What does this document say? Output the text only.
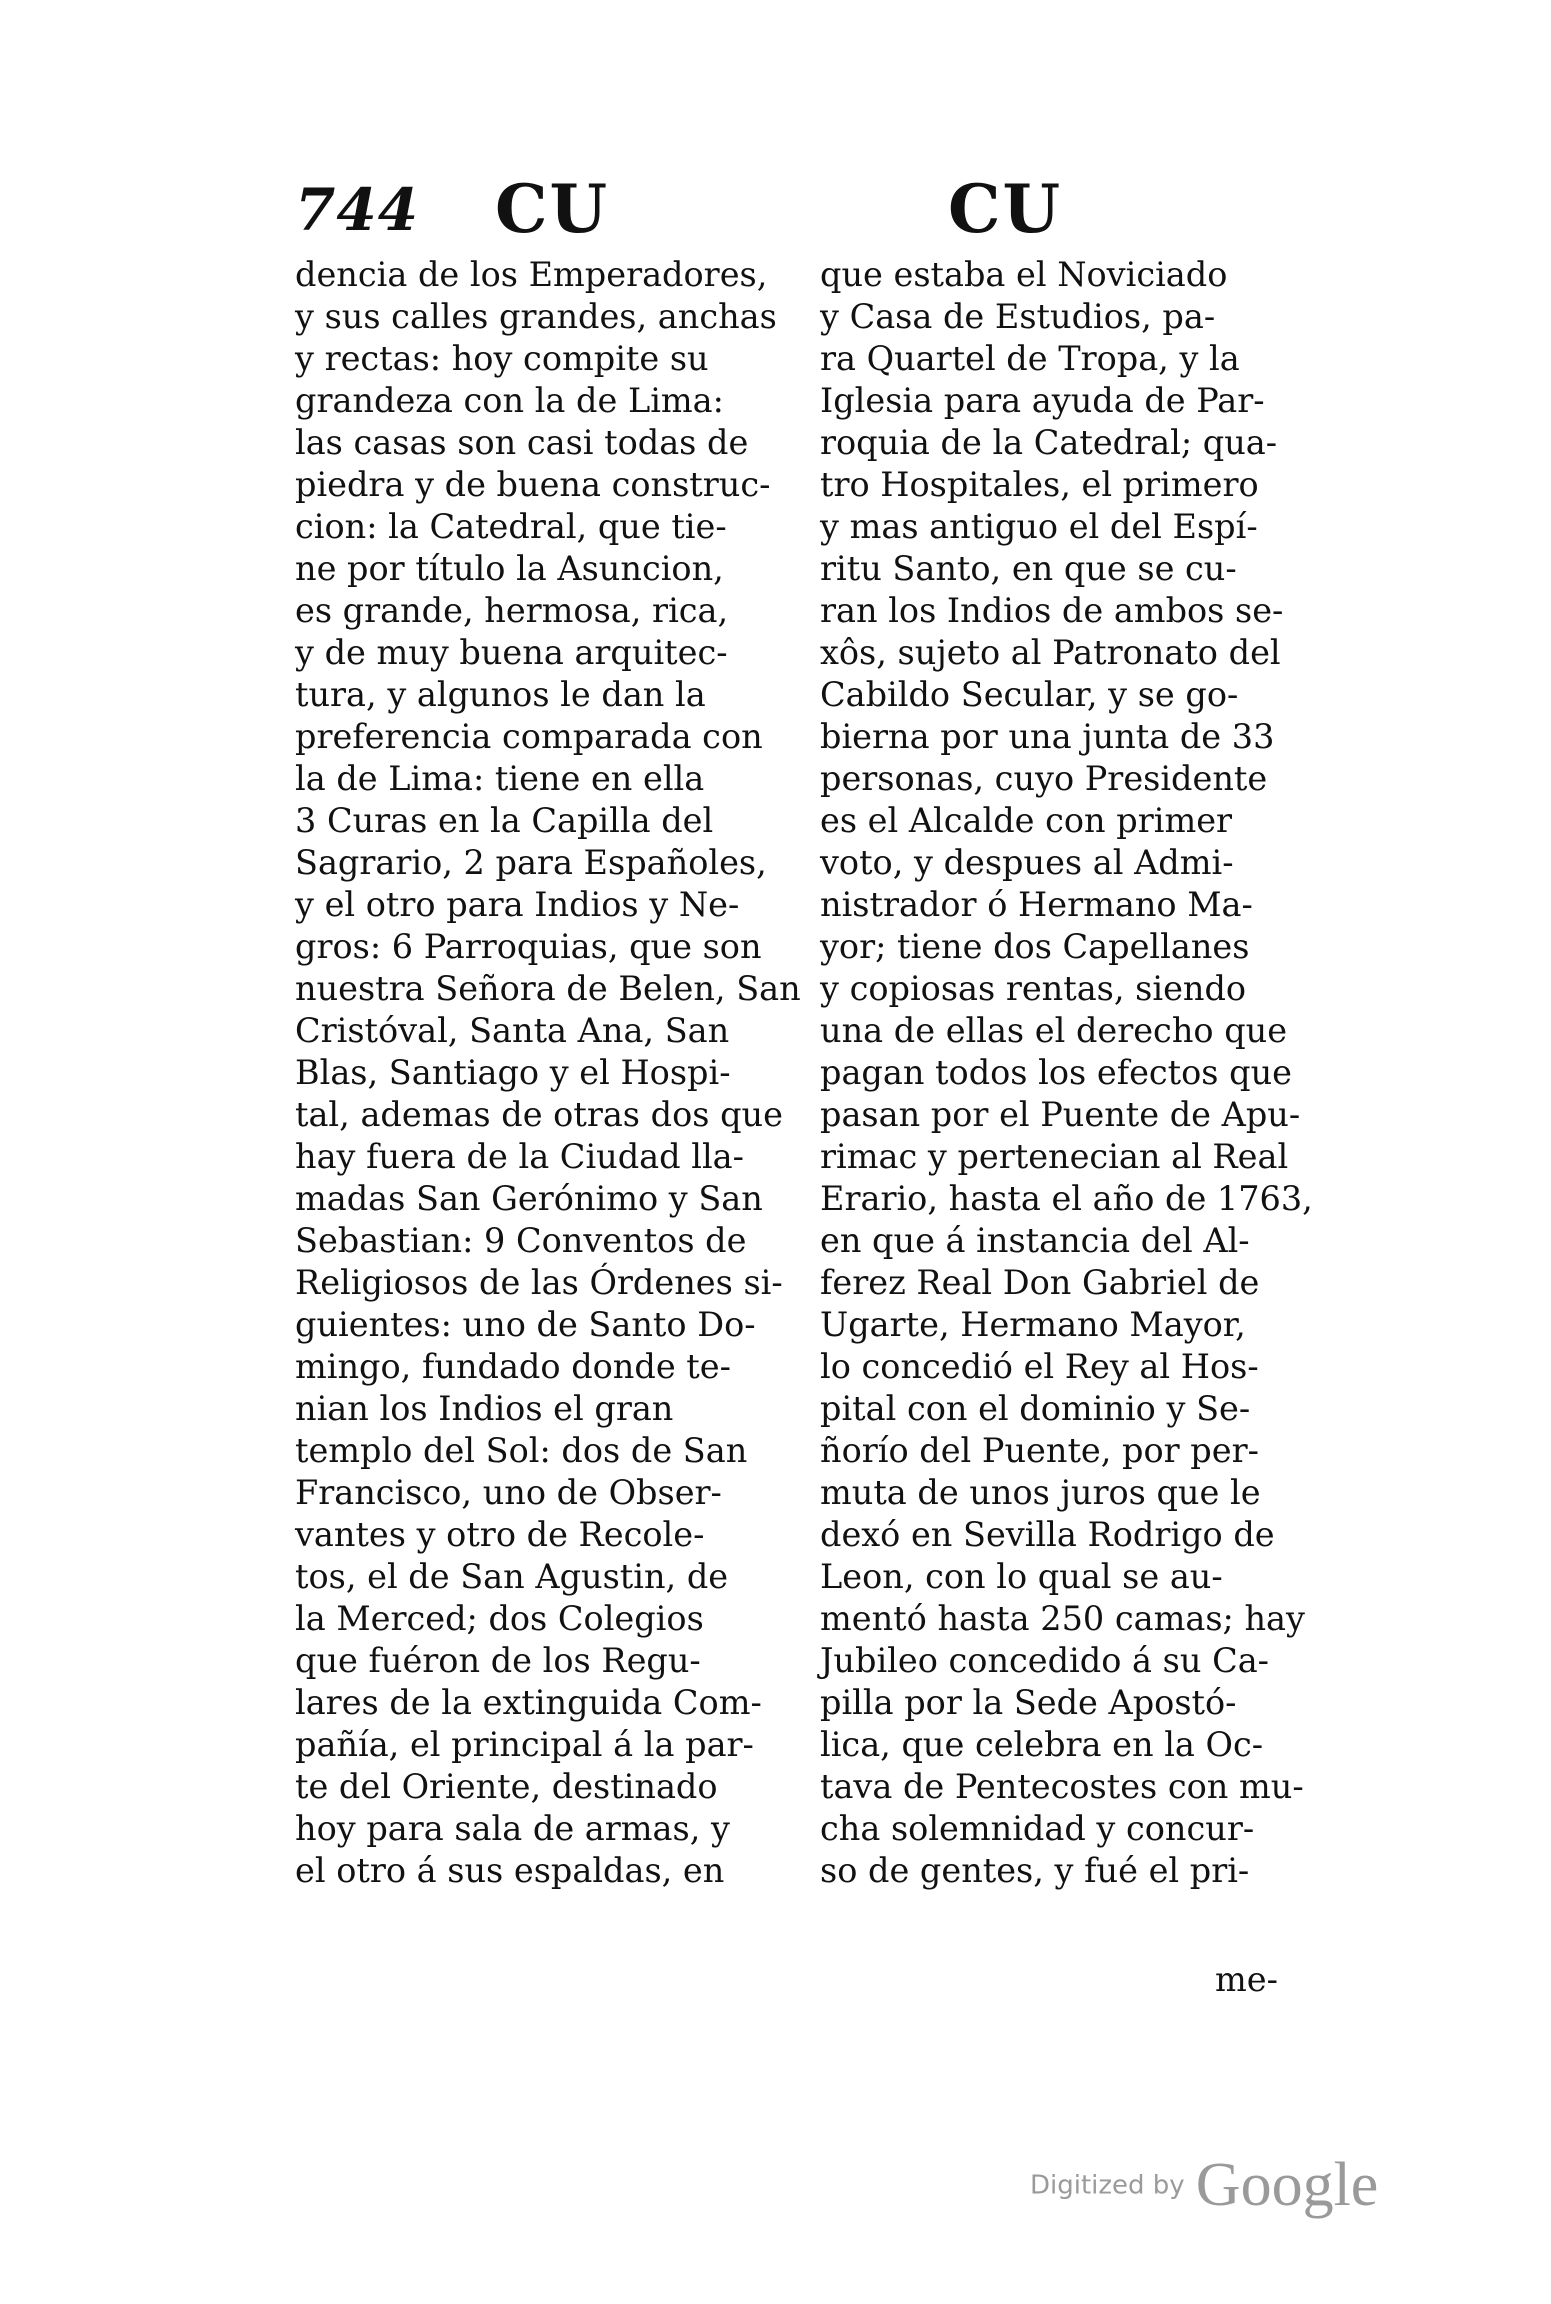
744 CU	CU
dencia de los Emperadores,
y sus calles grandes, anchas
y rectas: hoy compite su
grandeza con la de Lima:
las casas son casi todas de
piedra y de buena construc-
cion: la Catedral, que tie-
ne por título la Asuncion,
es grande, hermosa, rica,
y de muy buena arquitec-
tura, y algunos le dan la
preferencia comparada con
la de Lima: tiene en ella
3 Curas en la Capilla del
Sagrario, 2 para Españoles,
y el otro para Indios y Ne-
gros: 6 Parroquias, que son
nuestra Señora de Belen, San
Cristóval, Santa Ana, San
Blas, Santiago y el Hospi-
tal, ademas de otras dos que
hay fuera de la Ciudad lla-
madas San Gerónimo y San
Sebastian: 9 Conventos de
Religiosos de las Órdenes si-
guientes: uno de Santo Do-
mingo, fundado donde te-
nian los Indios el gran
templo del Sol: dos de San
Francisco, uno de Obser-
vantes y otro de Recole-
tos, el de San Agustin, de
la Merced; dos Colegios
que fuéron de los Regu-
lares de la extinguida Com-
pañía, el principal á la par-
te del Oriente, destinado
hoy para sala de armas, y
el otro á sus espaldas, en
que estaba el Noviciado
y Casa de Estudios, pa-
ra Quartel de Tropa, y la
Iglesia para ayuda de Par-
roquia de la Catedral; qua-
tro Hospitales, el primero
y mas antiguo el del Espí-
ritu Santo, en que se cu-
ran los Indios de ambos se-
xôs, sujeto al Patronato del
Cabildo Secular, y se go-
bierna por una junta de 33
personas, cuyo Presidente
es el Alcalde con primer
voto, y despues al Admi-
nistrador ó Hermano Ma-
yor; tiene dos Capellanes
y copiosas rentas, siendo
una de ellas el derecho que
pagan todos los efectos que
pasan por el Puente de Apu-
rimac y pertenecian al Real
Erario, hasta el año de 1763,
en que á instancia del Al-
ferez Real Don Gabriel de
Ugarte, Hermano Mayor,
lo concedió el Rey al Hos-
pital con el dominio y Se-
ñorío del Puente, por per-
muta de unos juros que le
dexó en Sevilla Rodrigo de
Leon, con lo qual se au-
mentó hasta 250 camas; hay
Jubileo concedido á su Ca-
pilla por la Sede Apostó-
lica, que celebra en la Oc-
tava de Pentecostes con mu-
cha solemnidad y concur-
so de gentes, y fué el pri-
me-
Digitized by Google
